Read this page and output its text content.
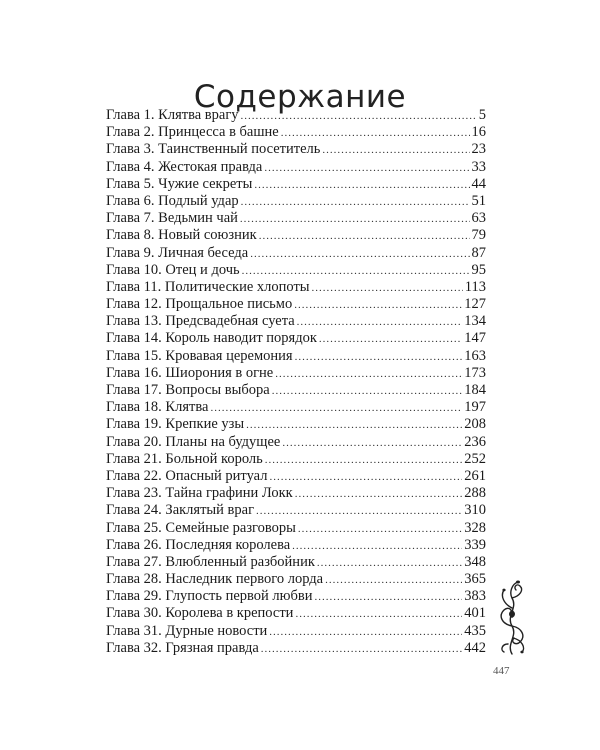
Содержание
Глава 1. Клятва врагу .....	5
Глава 2. Принцесса в башне .....	16
Глава 3. Таинственный посетитель .....	23
Глава 4. Жестокая правда .....	33
Глава 5. Чужие секреты .....	44
Глава 6. Подлый удар .....	51
Глава 7. Ведьмин чай .....	63
Глава 8. Новый союзник .....	79
Глава 9. Личная беседа .....	87
Глава 10. Отец и дочь .....	95
Глава 11. Политические хлопоты .....	113
Глава 12. Прощальное письмо .....	127
Глава 13. Предсвадебная суета .....	134
Глава 14. Король наводит порядок .....	147
Глава 15. Кровавая церемония .....	163
Глава 16. Шиорония в огне .....	173
Глава 17. Вопросы выбора .....	184
Глава 18. Клятва .....	197
Глава 19. Крепкие узы .....	208
Глава 20. Планы на будущее .....	236
Глава 21. Больной король .....	252
Глава 22. Опасный ритуал .....	261
Глава 23. Тайна графини Локк .....	288
Глава 24. Заклятый враг .....	310
Глава 25. Семейные разговоры .....	328
Глава 26. Последняя королева .....	339
Глава 27. Влюбленный разбойник .....	348
Глава 28. Наследник первого лорда .....	365
Глава 29. Глупость первой любви .....	383
Глава 30. Королева в крепости .....	401
Глава 31. Дурные новости .....	435
Глава 32. Грязная правда .....	442
447
